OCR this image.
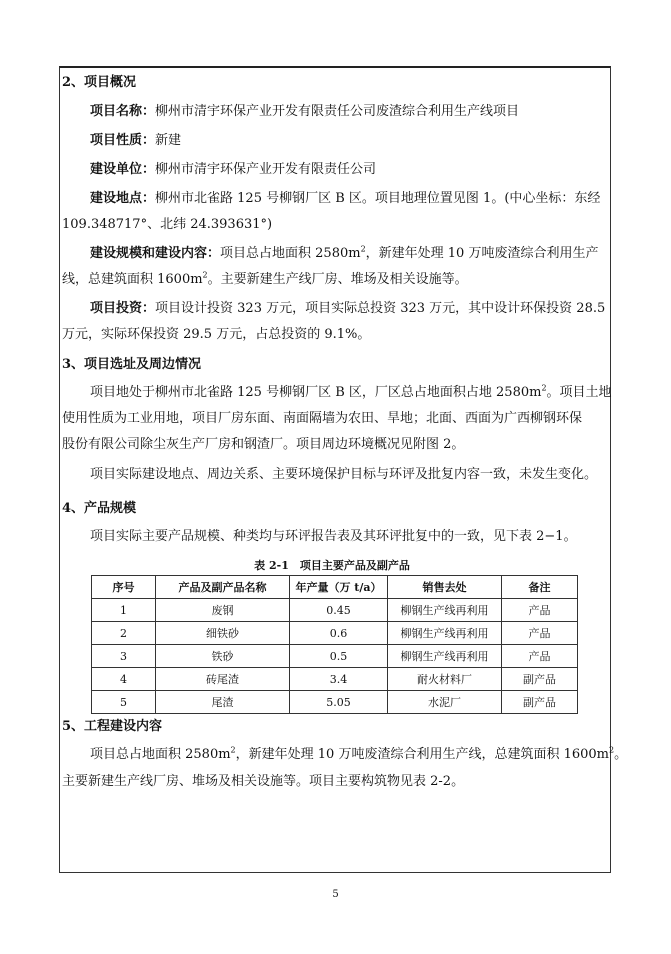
2、项目概况
项目名称：柳州市清宇环保产业开发有限责任公司废渣综合利用生产线项目
项目性质：新建
建设单位：柳州市清宇环保产业开发有限责任公司
建设地点：柳州市北雀路 125 号柳钢厂区 B 区。项目地理位置见图 1。(中心坐标：东经
109.348717°、北纬 24.393631°)
建设规模和建设内容：项目总占地面积 $2580m^2$，新建年处理 10 万吨废渣综合利用生产
线，总建筑面积 $1600m^2$。主要新建生产线厂房、堆场及相关设施等。
项目投资：项目设计投资 323 万元，项目实际总投资 323 万元，其中设计环保投资 28.5
万元，实际环保投资 29.5 万元，占总投资的 9.1%。
3、项目选址及周边情况
项目地处于柳州市北雀路 125 号柳钢厂区 B 区，厂区总占地面积占地 $2580m^2$。项目土地
使用性质为工业用地，项目厂房东面、南面隔墙为农田、旱地；北面、西面为广西柳钢环保
股份有限公司除尘灰生产厂房和钢渣厂。项目周边环境概况见附图 2。
项目实际建设地点、周边关系、主要环境保护目标与环评及批复内容一致，未发生变化。
4、产品规模
项目实际主要产品规模、种类均与环评报告表及其环评批复中的一致，见下表 2−1。
表 2-1　项目主要产品及副产品
序号	产品及副产品名称	年产量（万 t/a）	销售去处	备注
1	废钢	0.45	柳钢生产线再利用	产品
2	细铁砂	0.6	柳钢生产线再利用	产品
3	铁砂	0.5	柳钢生产线再利用	产品
4	砖尾渣	3.4	耐火材料厂	副产品
5	尾渣	5.05	水泥厂	副产品
5、工程建设内容
项目总占地面积 $2580m^2$，新建年处理 10 万吨废渣综合利用生产线，总建筑面积 $1600m^2$。
主要新建生产线厂房、堆场及相关设施等。项目主要构筑物见表 2-2。
5
